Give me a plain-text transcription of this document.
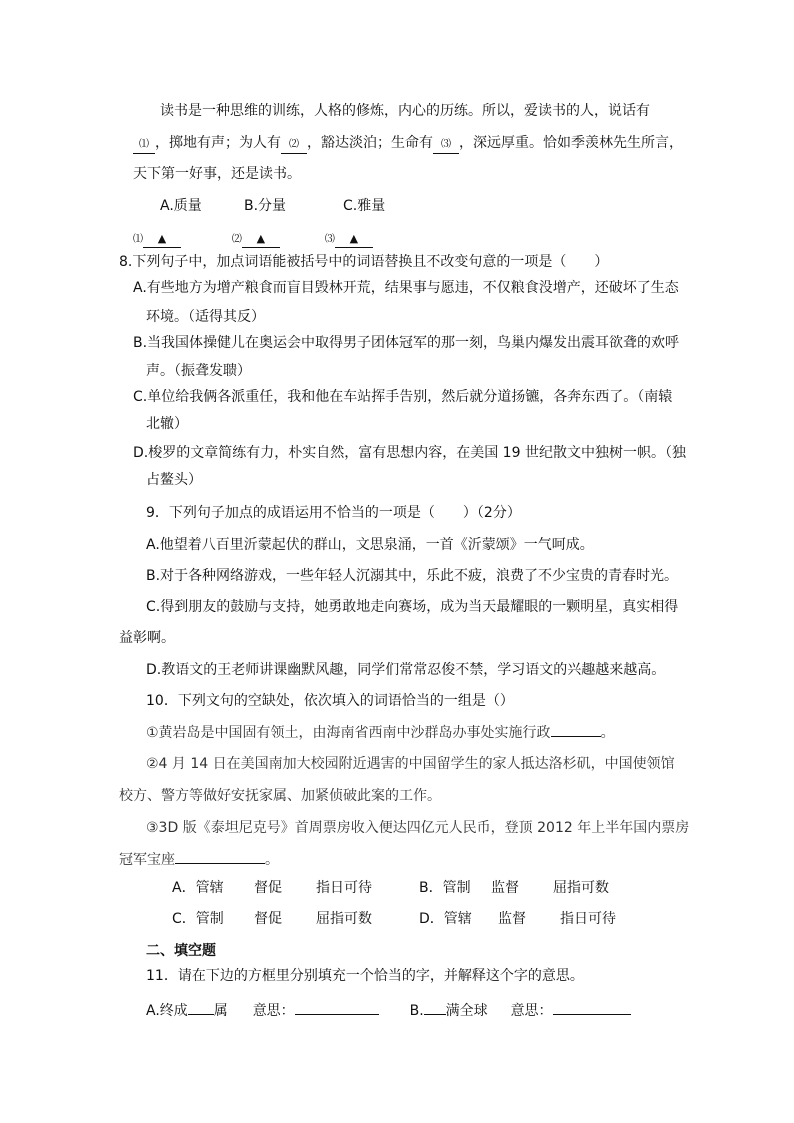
读书是一种思维的训练，人格的修炼，内心的历练。所以，爱读书的人，说话有
⑴ ，掷地有声；为人有 ⑵ ，豁达淡泊；生命有 ⑶ ，深远厚重。恰如季羡林先生所言，
天下第一好事，还是读书。
A.质量	B.分量	C.雅量
⑴ ▲	⑵ ▲	⑶ ▲
8.下列句子中，加点词语能被括号中的词语替换且不改变句意的一项是（　　）
A.有些地方为增产粮食而盲目毁林开荒，结果事与愿违，不仅粮食没增产，还破坏了生态
环境。（适得其反）
B.当我国体操健儿在奥运会中取得男子团体冠军的那一刻，鸟巢内爆发出震耳欲聋的欢呼
声。（振聋发聩）
C.单位给我俩各派重任，我和他在车站挥手告别，然后就分道扬镳，各奔东西了。（南辕
北辙）
D.梭罗的文章简练有力，朴实自然，富有思想内容，在美国 19 世纪散文中独树一帜。（独
占鳌头）
9．下列句子加点的成语运用不恰当的一项是（　　）（2分）
A.他望着八百里沂蒙起伏的群山，文思泉涌，一首《沂蒙颂》一气呵成。
B.对于各种网络游戏，一些年轻人沉溺其中，乐此不疲，浪费了不少宝贵的青春时光。
C.得到朋友的鼓励与支持，她勇敢地走向赛场，成为当天最耀眼的一颗明星，真实相得
益彰啊。
D.教语文的王老师讲课幽默风趣，同学们常常忍俊不禁，学习语文的兴趣越来越高。
10．下列文句的空缺处，依次填入的词语恰当的一组是（）
①黄岩岛是中国固有领土，由海南省西南中沙群岛办事处实施行政	。
②4 月 14 日在美国南加大校园附近遇害的中国留学生的家人抵达洛杉矶，中国使领馆
校方、警方等做好安抚家属、加紧侦破此案的工作。
③3D 版《泰坦尼克号》首周票房收入便达四亿元人民币，登顶 2012 年上半年国内票房
冠军宝座	。
A．管辖 督促 指日可待	B．管制 监督 屈指可数
C．管制 督促 屈指可数	D．管辖 监督 指日可待
二、填空题
11．请在下边的方框里分别填充一个恰当的字，并解释这个字的意思。
A.终成 属 意思：	B. 满全球 意思：
